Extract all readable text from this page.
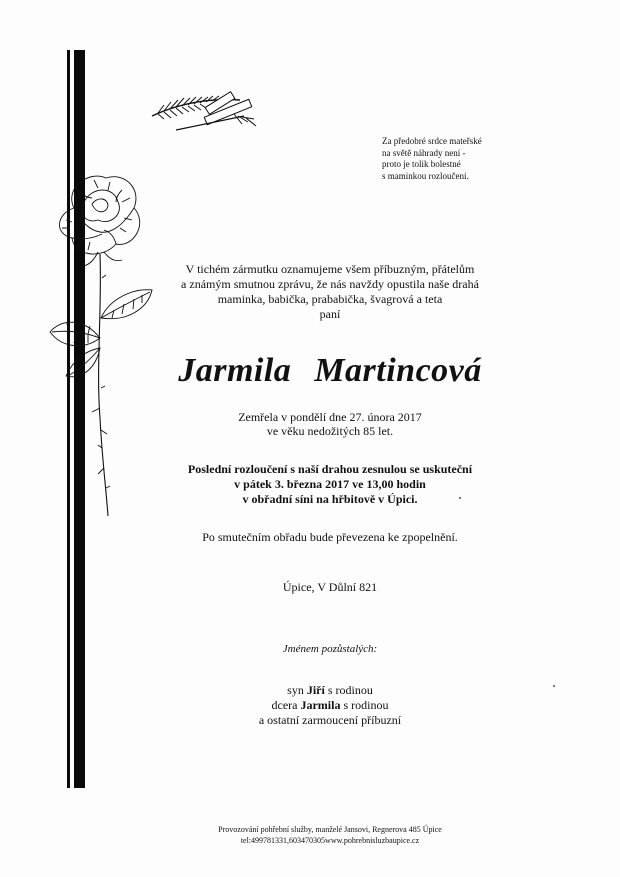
Za předobré srdce mateřské
na světě náhrady není -
proto je tolik bolestné
s maminkou rozloučení.
V tichém zármutku oznamujeme všem příbuzným, přátelům
a známým smutnou zprávu, že nás navždy opustila naše drahá
maminka, babička, prababička, švagrová a teta
paní
Jarmila Martincová
Zemřela v pondělí dne 27. února 2017
ve věku nedožitých 85 let.
Poslední rozloučení s naší drahou zesnulou se uskuteční
v pátek 3. března 2017 ve 13,00 hodin
v obřadní síni na hřbitově v Úpici.
Po smutečním obřadu bude převezena ke zpopelnění.
Úpice, V Důlní 821
Jménem pozůstalých:
syn Jiří s rodinou
dcera Jarmila s rodinou
a ostatní zarmoucení příbuzní
Provozování pohřební služby, manželé Jansovi, Regnerova 485 Úpice
tel:499781331,603470305www.pohrebnisluzbaupice.cz
